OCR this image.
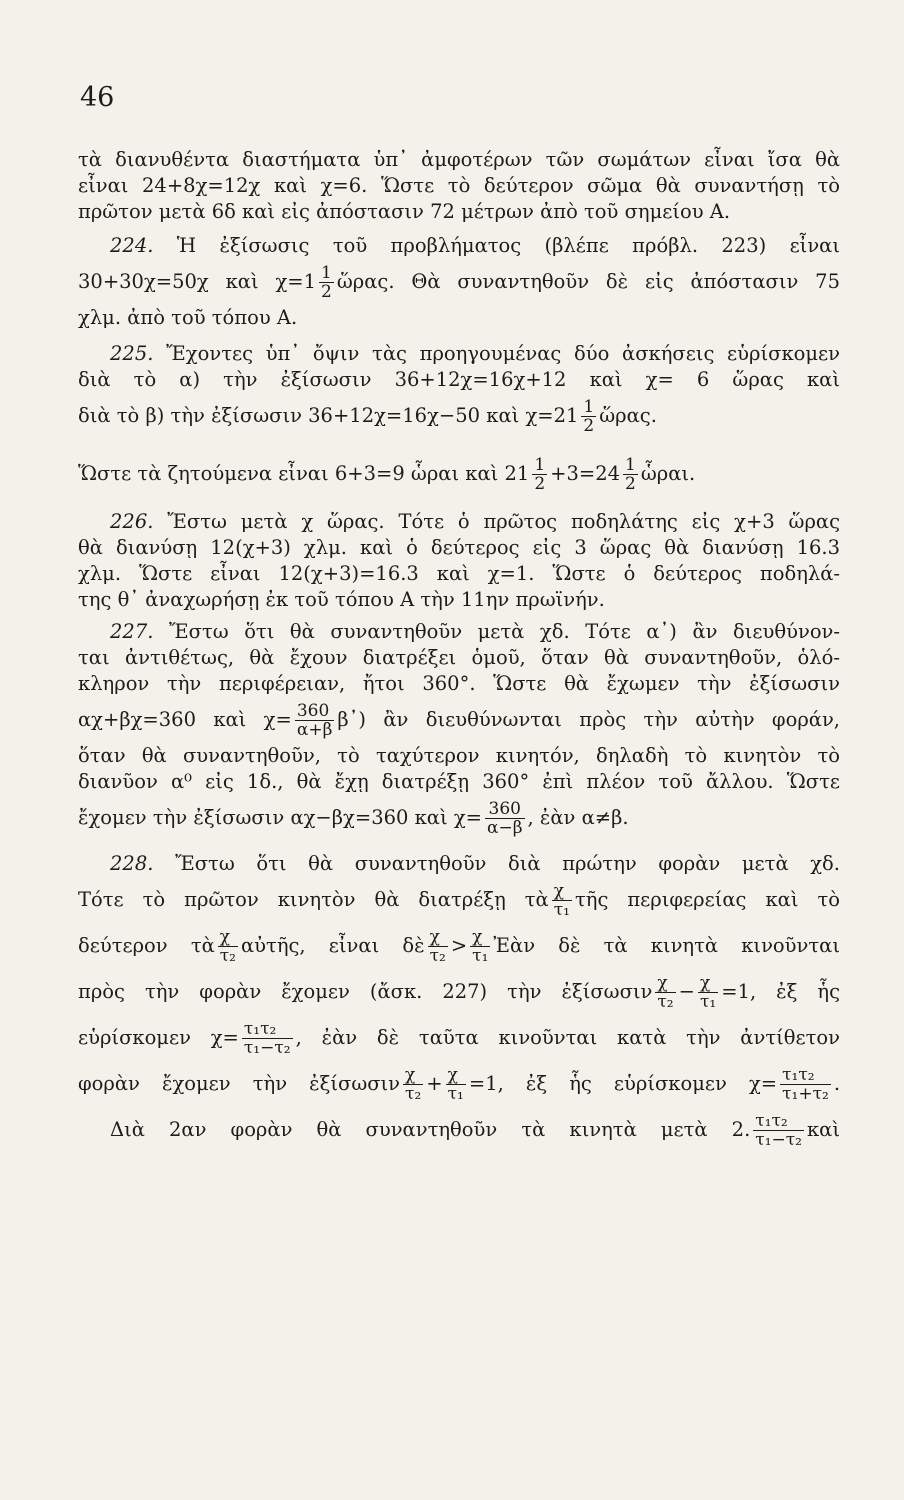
46
τὰ διανυθέντα διαστήματα ὑπ᾽ ἀμφοτέρων τῶν σωμάτων εἶναι ἴσα θὰ
εἶναι 24+8χ=12χ καὶ χ=6. Ὥστε τὸ δεύτερον σῶμα θὰ συναντήσῃ τὸ
πρῶτον μετὰ 6δ καὶ εἰς ἀπόστασιν 72 μέτρων ἀπὸ τοῦ σημείου Α.
224. Ἡ ἐξίσωσις τοῦ προβλήματος (βλέπε πρόβλ. 223) εἶναι
30+30χ=50χ καὶ $\chi=1 \frac{1}{2}$ ὥρας. Θὰ συναντηθοῦν δὲ εἰς ἀπόστασιν 75
χλμ. ἀπὸ τοῦ τόπου Α.
225. Ἔχοντες ὑπ᾽ ὄψιν τὰς προηγουμένας δύο ἀσκήσεις εὑρίσκομεν
διὰ τὸ α) τὴν ἐξίσωσιν 36+12χ=16χ+12 καὶ χ= 6 ὥρας καὶ
διὰ τὸ β) τὴν ἐξίσωσιν 36+12χ=16χ−50 καὶ $\chi=21 \frac{1}{2}$ ὥρας.
Ὥστε τὰ ζητούμενα εἶναι 6+3=9 ὧραι καὶ $21 \frac{1}{2} +3=24 \frac{1}{2}$ ὧραι.
226. Ἔστω μετὰ χ ὥρας. Τότε ὁ πρῶτος ποδηλάτης εἰς χ+3 ὥρας
θὰ διανύσῃ 12(χ+3) χλμ. καὶ ὁ δεύτερος εἰς 3 ὥρας θὰ διανύσῃ 16.3
χλμ. Ὥστε εἶναι 12(χ+3)=16.3 καὶ χ=1. Ὥστε ὁ δεύτερος ποδηλά-
της θ᾽ ἀναχωρήσῃ ἐκ τοῦ τόπου Α τὴν 11ην πρωϊνήν.
227. Ἔστω ὅτι θὰ συναντηθοῦν μετὰ χδ. Τότε α᾽) ἂν διευθύνον-
ται ἀντιθέτως, θὰ ἔχουν διατρέξει ὁμοῦ, ὅταν θὰ συναντηθοῦν, ὁλό-
κληρον τὴν περιφέρειαν, ἤτοι 360°. Ὥστε θὰ ἔχωμεν τὴν ἐξίσωσιν
αχ+βχ=360 καὶ $\chi= \frac{360}{\alpha+\beta}$ β᾽) ἂν διευθύνωνται πρὸς τὴν αὐτὴν φοράν,
ὅταν θὰ συναντηθοῦν, τὸ ταχύτερον κινητόν, δηλαδὴ τὸ κινητὸν τὸ
διανῦον α⁰ εἰς 1δ., θὰ ἔχῃ διατρέξῃ 360° ἐπὶ πλέον τοῦ ἄλλου. Ὥστε
ἔχομεν τὴν ἐξίσωσιν αχ−βχ=360 καὶ $\chi= \frac{360}{\alpha-\beta}$ , ἐὰν α≠β.
228. Ἔστω ὅτι θὰ συναντηθοῦν διὰ πρώτην φορὰν μετὰ χδ.
Τότε τὸ πρῶτον κινητὸν θὰ διατρέξῃ τὰ $\frac{\chi}{\text{τ₁}}$ τῆς περιφερείας καὶ τὸ
δεύτερον τὰ $\frac{\chi}{\text{τ₂}}$ αὐτῆς, εἶναι δὲ $\frac{\chi}{\text{τ₂}} > \frac{\chi}{\text{τ₁}}$ Ἐὰν δὲ τὰ κινητὰ κινοῦνται
πρὸς τὴν φορὰν ἔχομεν (ἄσκ. 227) τὴν ἐξίσωσιν $\frac{\chi}{\text{τ₂}} - \frac{\chi}{\text{τ₁}} =1$, ἐξ ἧς
εὑρίσκομεν $\chi= \frac{\text{τ₁τ₂}}{\text{τ₁−τ₂}}$ , ἐὰν δὲ ταῦτα κινοῦνται κατὰ τὴν ἀντίθετον
φορὰν ἔχομεν τὴν ἐξίσωσιν $\frac{\chi}{\text{τ₂}} + \frac{\chi}{\text{τ₁}} =1$, ἐξ ἧς εὑρίσκομεν $\chi= \frac{\text{τ₁τ₂}}{\text{τ₁+τ₂}}$ .
Διὰ 2αν φορὰν θὰ συναντηθοῦν τὰ κινητὰ μετὰ 2. $\frac{\text{τ₁τ₂}}{\text{τ₁−τ₂}}$ καὶ
